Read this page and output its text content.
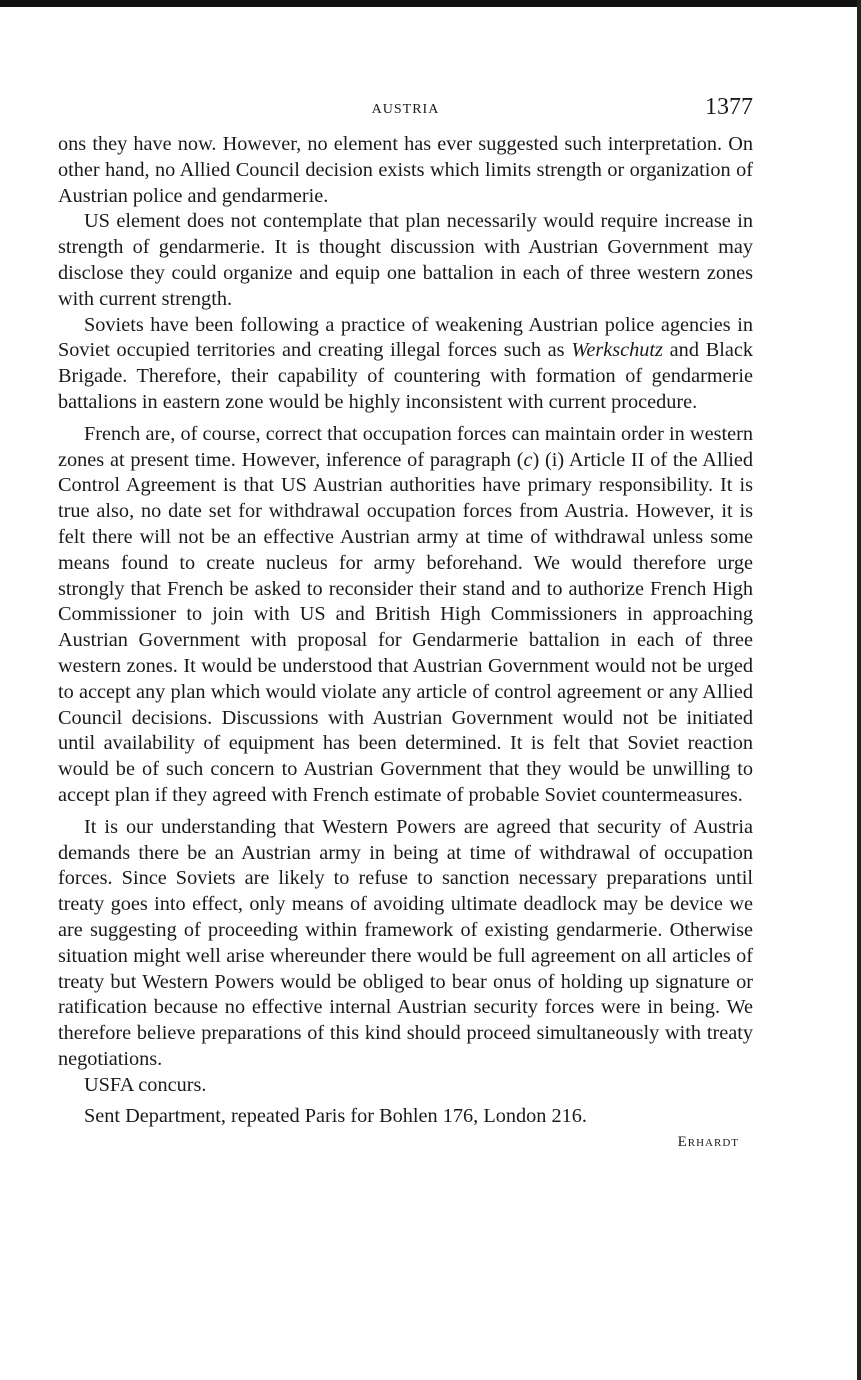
AUSTRIA	1377

ons they have now. However, no element has ever suggested such interpretation. On other hand, no Allied Council decision exists which limits strength or organization of Austrian police and gendarmerie.

US element does not contemplate that plan necessarily would require increase in strength of gendarmerie. It is thought discussion with Austrian Government may disclose they could organize and equip one battalion in each of three western zones with current strength.

Soviets have been following a practice of weakening Austrian police agencies in Soviet occupied territories and creating illegal forces such as Werkschutz and Black Brigade. Therefore, their capability of countering with formation of gendarmerie battalions in eastern zone would be highly inconsistent with current procedure.

French are, of course, correct that occupation forces can maintain order in western zones at present time. However, inference of paragraph (c) (i) Article II of the Allied Control Agreement is that US Austrian authorities have primary responsibility. It is true also, no date set for withdrawal occupation forces from Austria. However, it is felt there will not be an effective Austrian army at time of withdrawal unless some means found to create nucleus for army beforehand. We would therefore urge strongly that French be asked to reconsider their stand and to authorize French High Commissioner to join with US and British High Commissioners in approaching Austrian Government with proposal for Gendarmerie battalion in each of three western zones. It would be understood that Austrian Government would not be urged to accept any plan which would violate any article of control agreement or any Allied Council decisions. Discussions with Austrian Government would not be initiated until availability of equipment has been determined. It is felt that Soviet reaction would be of such concern to Austrian Government that they would be unwilling to accept plan if they agreed with French estimate of probable Soviet countermeasures.

It is our understanding that Western Powers are agreed that security of Austria demands there be an Austrian army in being at time of withdrawal of occupation forces. Since Soviets are likely to refuse to sanction necessary preparations until treaty goes into effect, only means of avoiding ultimate deadlock may be device we are suggesting of proceeding within framework of existing gendarmerie. Otherwise situation might well arise whereunder there would be full agreement on all articles of treaty but Western Powers would be obliged to bear onus of holding up signature or ratification because no effective internal Austrian security forces were in being. We therefore believe preparations of this kind should proceed simultaneously with treaty negotiations.

USFA concurs.

Sent Department, repeated Paris for Bohlen 176, London 216.

Erhardt
